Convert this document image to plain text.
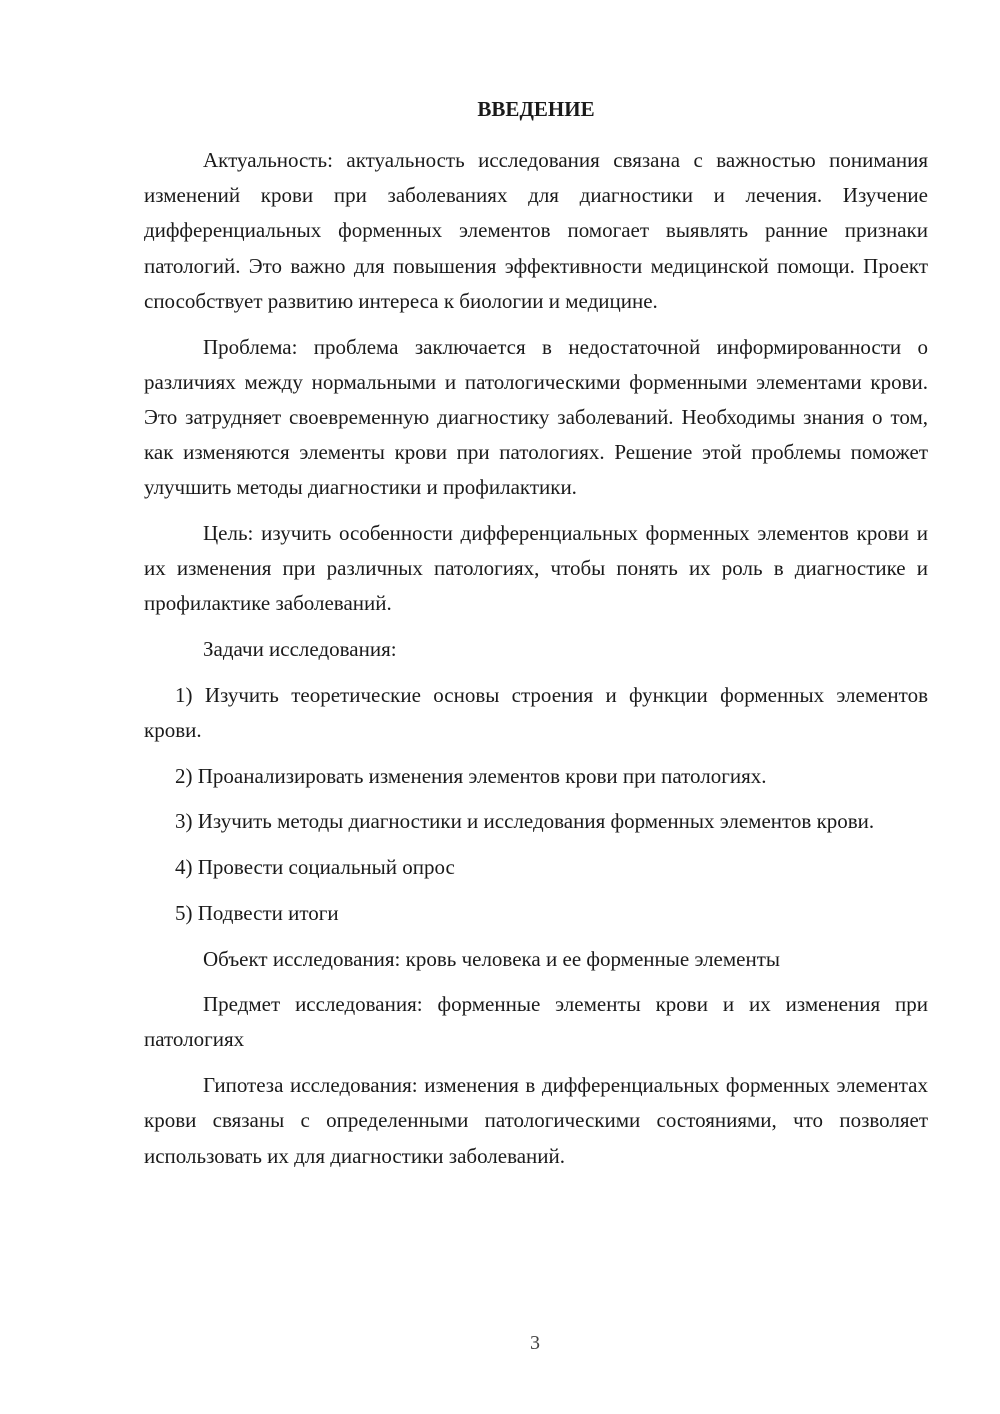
ВВЕДЕНИЕ

Актуальность: актуальность исследования связана с важностью понимания изменений крови при заболеваниях для диагностики и лечения. Изучение дифференциальных форменных элементов помогает выявлять ранние признаки патологий. Это важно для повышения эффективности медицинской помощи. Проект способствует развитию интереса к биологии и медицине.

Проблема: проблема заключается в недостаточной информированности о различиях между нормальными и патологическими форменными элементами крови. Это затрудняет своевременную диагностику заболеваний. Необходимы знания о том, как изменяются элементы крови при патологиях. Решение этой проблемы поможет улучшить методы диагностики и профилактики.

Цель: изучить особенности дифференциальных форменных элементов крови и их изменения при различных патологиях, чтобы понять их роль в диагностике и профилактике заболеваний.

Задачи исследования:

1) Изучить теоретические основы строения и функции форменных элементов крови.

2) Проанализировать изменения элементов крови при патологиях.

3) Изучить методы диагностики и исследования форменных элементов крови.

4) Провести социальный опрос

5) Подвести итоги

Объект исследования: кровь человека и ее форменные элементы

Предмет исследования: форменные элементы крови и их изменения при патологиях

Гипотеза исследования: изменения в дифференциальных форменных элементах крови связаны с определенными патологическими состояниями, что позволяет использовать их для диагностики заболеваний.

3
